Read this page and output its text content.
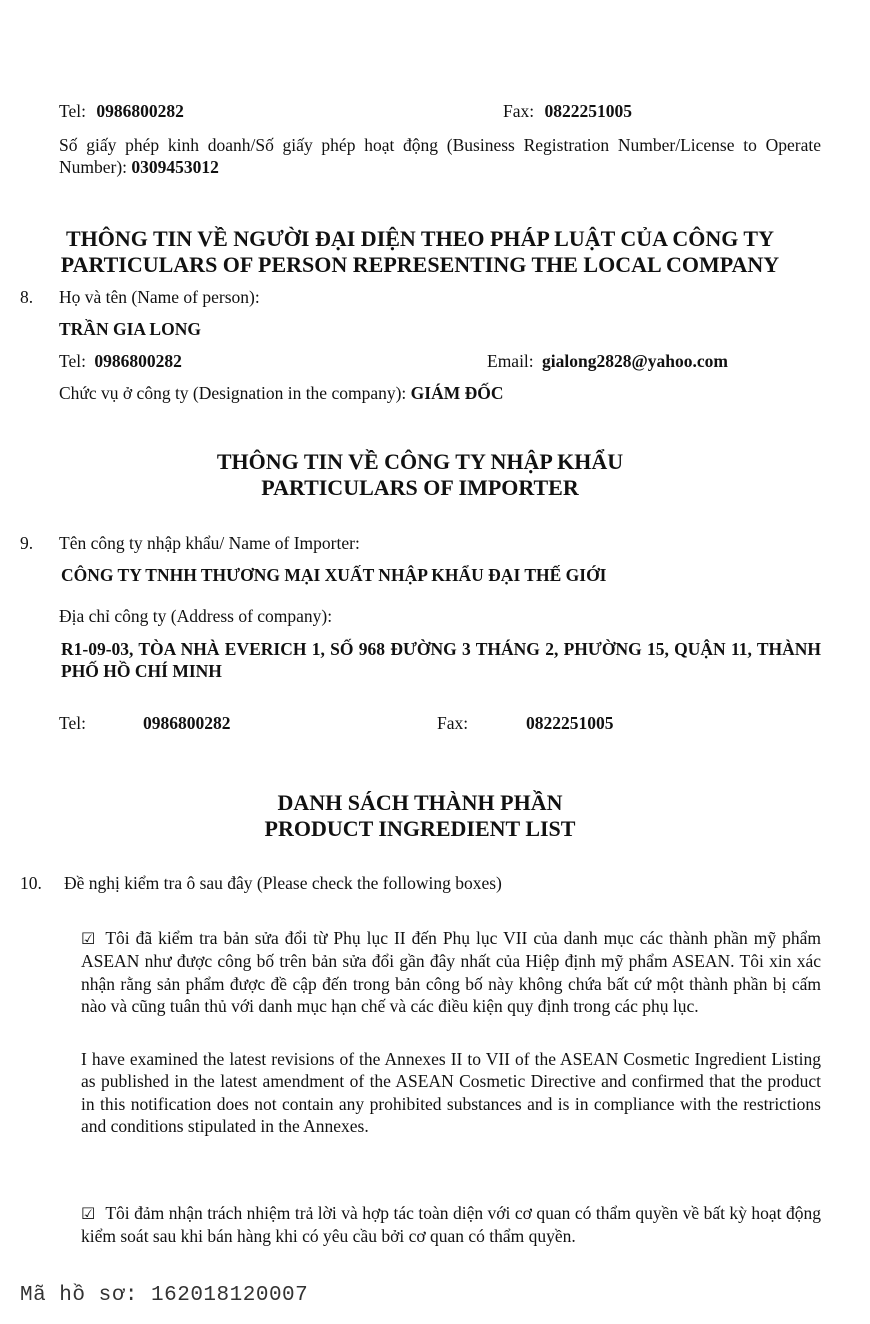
Tel: 0986800282	Fax: 0822251005
Số giấy phép kinh doanh/Số giấy phép hoạt động (Business Registration Number/License to Operate Number): 0309453012
THÔNG TIN VỀ NGƯỜI ĐẠI DIỆN THEO PHÁP LUẬT CỦA CÔNG TY
PARTICULARS OF PERSON REPRESENTING THE LOCAL COMPANY
8. Họ và tên (Name of person):
TRẦN GIA LONG
Tel: 0986800282	Email: gialong2828@yahoo.com
Chức vụ ở công ty (Designation in the company): GIÁM ĐỐC
THÔNG TIN VỀ CÔNG TY NHẬP KHẨU
PARTICULARS OF IMPORTER
9. Tên công ty nhập khẩu/ Name of Importer:
CÔNG TY TNHH THƯƠNG MẠI XUẤT NHẬP KHẨU ĐẠI THẾ GIỚI
Địa chỉ công ty (Address of company):
R1-09-03, TÒA NHÀ EVERICH 1, SỐ 968 ĐƯỜNG 3 THÁNG 2, PHƯỜNG 15, QUẬN 11, THÀNH PHỐ HỒ CHÍ MINH
Tel:	0986800282	Fax:	0822251005
DANH SÁCH THÀNH PHẦN
PRODUCT INGREDIENT LIST
10. Đề nghị kiểm tra ô sau đây (Please check the following boxes)
☑ Tôi đã kiểm tra bản sửa đổi từ Phụ lục II đến Phụ lục VII của danh mục các thành phần mỹ phẩm ASEAN như được công bố trên bản sửa đổi gần đây nhất của Hiệp định mỹ phẩm ASEAN. Tôi xin xác nhận rằng sản phẩm được đề cập đến trong bản công bố này không chứa bất cứ một thành phần bị cấm nào và cũng tuân thủ với danh mục hạn chế và các điều kiện quy định trong các phụ lục.
I have examined the latest revisions of the Annexes II to VII of the ASEAN Cosmetic Ingredient Listing as published in the latest amendment of the ASEAN Cosmetic Directive and confirmed that the product in this notification does not contain any prohibited substances and is in compliance with the restrictions and conditions stipulated in the Annexes.
☑ Tôi đảm nhận trách nhiệm trả lời và hợp tác toàn diện với cơ quan có thẩm quyền về bất kỳ hoạt động kiểm soát sau khi bán hàng khi có yêu cầu bởi cơ quan có thẩm quyền.
Mã hồ sơ: 162018120007
